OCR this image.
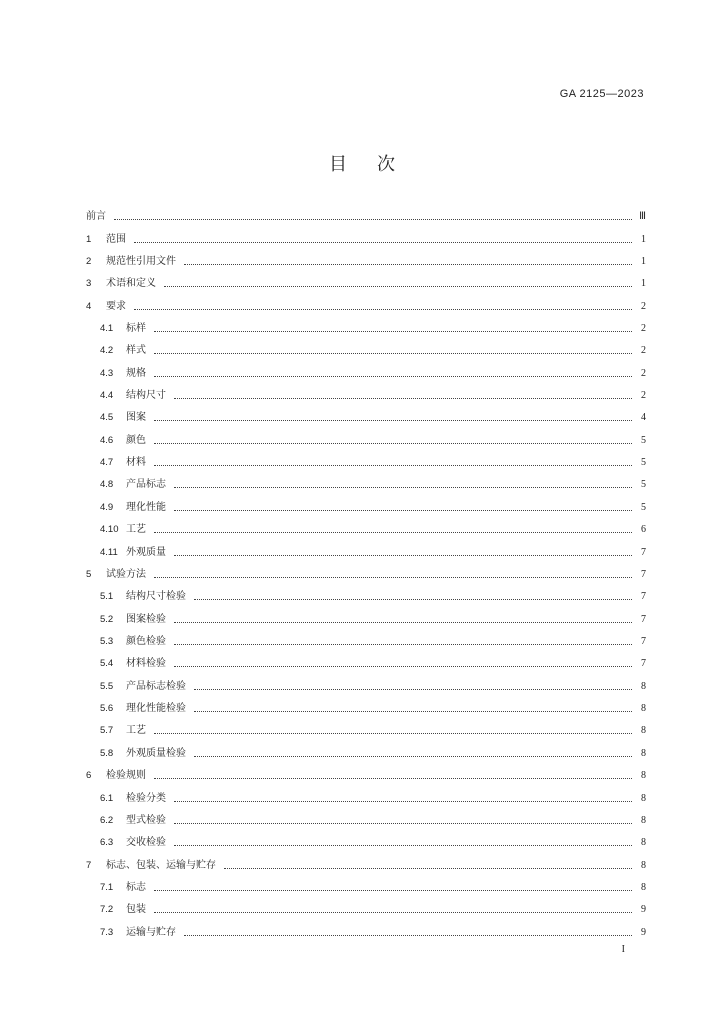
GA 2125—2023
目次
前言	Ⅲ
1	范围	1
2	规范性引用文件	1
3	术语和定义	1
4	要求	2
4.1	标样	2
4.2	样式	2
4.3	规格	2
4.4	结构尺寸	2
4.5	图案	4
4.6	颜色	5
4.7	材料	5
4.8	产品标志	5
4.9	理化性能	5
4.10 工艺	6
4.11 外观质量	7
5	试验方法	7
5.1	结构尺寸检验	7
5.2	图案检验	7
5.3	颜色检验	7
5.4	材料检验	7
5.5	产品标志检验	8
5.6	理化性能检验	8
5.7	工艺	8
5.8	外观质量检验	8
6	检验规则	8
6.1	检验分类	8
6.2	型式检验	8
6.3	交收检验	8
7	标志、包装、运输与贮存	8
7.1	标志	8
7.2	包装	9
7.3	运输与贮存	9
I
